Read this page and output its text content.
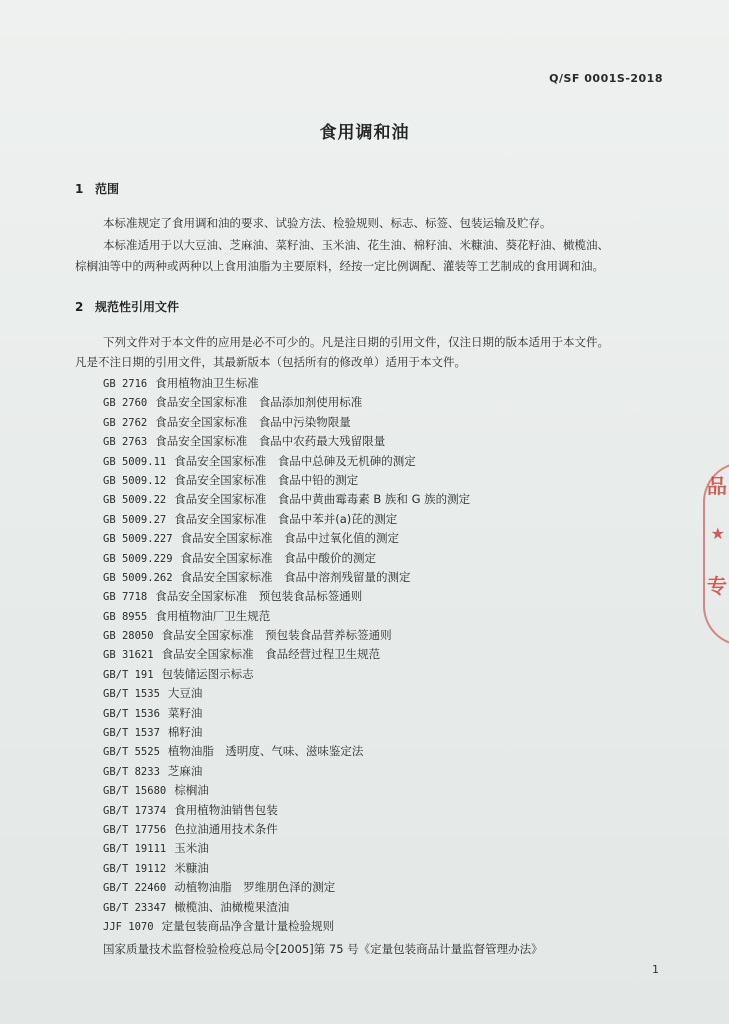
Q/SF 0001S-2018
食用调和油
1 范围
本标准规定了食用调和油的要求、试验方法、检验规则、标志、标签、包装运输及贮存。
本标准适用于以大豆油、芝麻油、菜籽油、玉米油、花生油、棉籽油、米糠油、葵花籽油、橄榄油、
棕榈油等中的两种或两种以上食用油脂为主要原料，经按一定比例调配、灌装等工艺制成的食用调和油。
2 规范性引用文件
下列文件对于本文件的应用是必不可少的。凡是注日期的引用文件，仅注日期的版本适用于本文件。
凡是不注日期的引用文件，其最新版本（包括所有的修改单）适用于本文件。
GB 2716 食用植物油卫生标准
GB 2760 食品安全国家标准　食品添加剂使用标准
GB 2762 食品安全国家标准　食品中污染物限量
GB 2763 食品安全国家标准　食品中农药最大残留限量
GB 5009.11 食品安全国家标准　食品中总砷及无机砷的测定
GB 5009.12 食品安全国家标准　食品中铅的测定
GB 5009.22 食品安全国家标准　食品中黄曲霉毒素 B 族和 G 族的测定
GB 5009.27 食品安全国家标准　食品中苯并(a)芘的测定
GB 5009.227 食品安全国家标准　食品中过氧化值的测定
GB 5009.229 食品安全国家标准　食品中酸价的测定
GB 5009.262 食品安全国家标准　食品中溶剂残留量的测定
GB 7718 食品安全国家标准　预包装食品标签通则
GB 8955 食用植物油厂卫生规范
GB 28050 食品安全国家标准　预包装食品营养标签通则
GB 31621 食品安全国家标准　食品经营过程卫生规范
GB/T 191 包装储运图示标志
GB/T 1535 大豆油
GB/T 1536 菜籽油
GB/T 1537 棉籽油
GB/T 5525 植物油脂　透明度、气味、滋味鉴定法
GB/T 8233 芝麻油
GB/T 15680 棕榈油
GB/T 17374 食用植物油销售包装
GB/T 17756 色拉油通用技术条件
GB/T 19111 玉米油
GB/T 19112 米糠油
GB/T 22460 动植物油脂　罗维朋色泽的测定
GB/T 23347 橄榄油、油橄榄果渣油
JJF 1070 定量包装商品净含量计量检验规则
国家质量技术监督检验检疫总局令[2005]第 75 号《定量包装商品计量监督管理办法》
1
品
★
专
